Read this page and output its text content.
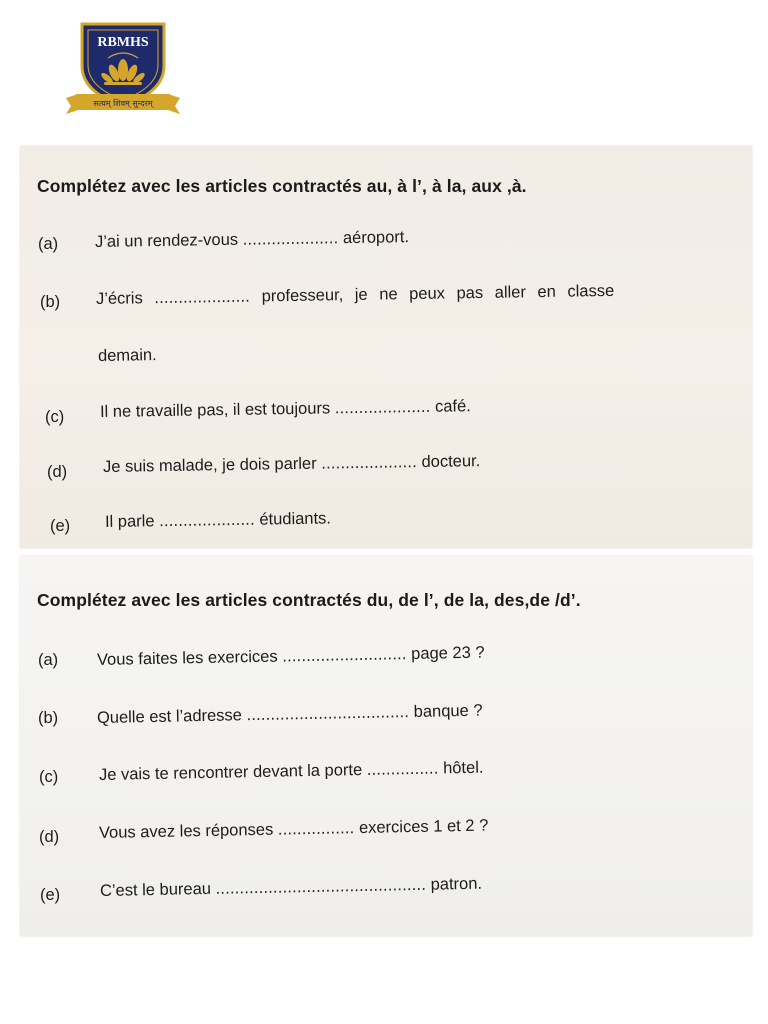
RBMHS
सत्यम् शिवम् सुन्दरम्
Complétez avec les articles contractés au, à l’, à la, aux ,à.
(a) J’ai un rendez-vous .................... aéroport.
(b) J’écris .................... professeur, je ne peux pas aller en classe
demain.
(c) Il ne travaille pas, il est toujours .................... café.
(d) Je suis malade, je dois parler .................... docteur.
(e) Il parle .................... étudiants.
Complétez avec les articles contractés du, de l’, de la, des,de /d’.
(a) Vous faites les exercices .......................... page 23 ?
(b) Quelle est l’adresse .................................. banque ?
(c) Je vais te rencontrer devant la porte ............... hôtel.
(d) Vous avez les réponses ................ exercices 1 et 2 ?
(e) C’est le bureau ............................................ patron.
